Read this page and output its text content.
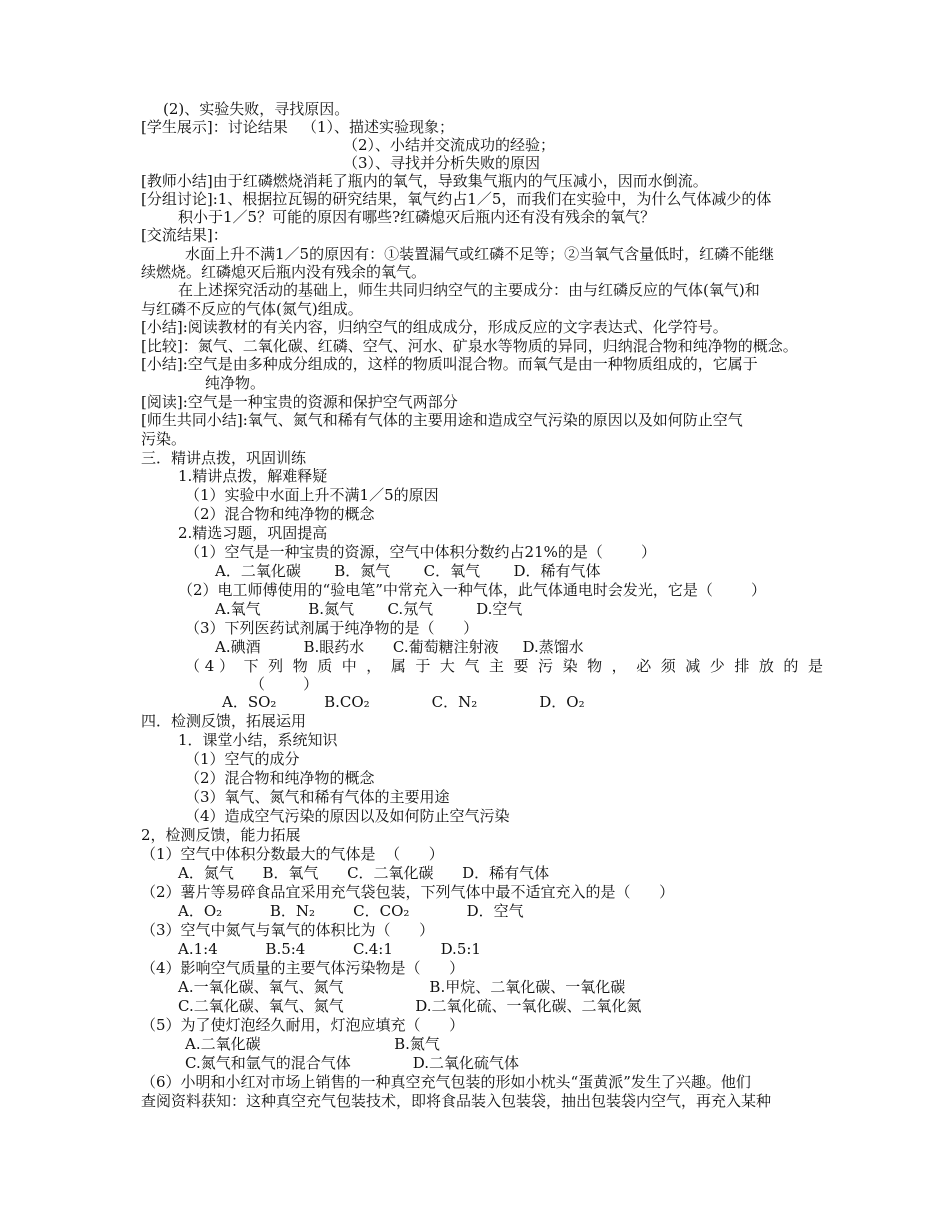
(2)、实验失败，寻找原因。
[学生展示]：讨论结果   （1）、描述实验现象；
（2）、小结并交流成功的经验；
（3）、寻找并分析失败的原因
[教师小结]由于红磷燃烧消耗了瓶内的氧气，导致集气瓶内的气压减小，因而水倒流。
[分组讨论]:1、根据拉瓦锡的研究结果，氧气约占1／5，而我们在实验中，为什么气体减少的体
积小于1／5？可能的原因有哪些?红磷熄灭后瓶内还有没有残余的氧气？
[交流结果]：
水面上升不满1／5的原因有：①装置漏气或红磷不足等；②当氧气含量低时，红磷不能继
续燃烧。红磷熄灭后瓶内没有残余的氧气。
在上述探究活动的基础上，师生共同归纳空气的主要成分：由与红磷反应的气体(氧气)和
与红磷不反应的气体(氮气)组成。
[小结]:阅读教材的有关内容，归纳空气的组成成分，形成反应的文字表达式、化学符号。
[比较]：氮气、二氧化碳、红磷、空气、河水、矿泉水等物质的异同，归纳混合物和纯净物的概念。
[小结]:空气是由多种成分组成的，这样的物质叫混合物。而氧气是由一种物质组成的，它属于
纯净物。
[阅读]:空气是一种宝贵的资源和保护空气两部分
[师生共同小结]:氧气、氮气和稀有气体的主要用途和造成空气污染的原因以及如何防止空气
污染。
三．精讲点拨，巩固训练
1.精讲点拨，解难释疑
（1）实验中水面上升不满1／5的原因
（2）混合物和纯净物的概念
2.精选习题，巩固提高
（1）空气是一种宝贵的资源，空气中体积分数约占21%的是（        ）
A．二氧化碳       B．氮气       C．氧气       D．稀有气体
（2）电工师傅使用的“验电笔”中常充入一种气体，此气体通电时会发光，它是（        ）
A.氧气          B.氮气       C.氖气         D.空气
（3）下列医药试剂属于纯净物的是（      ）
A.碘酒         B.眼药水      C.葡萄糖注射液     D.蒸馏水
（ 4 ）  下  列  物  质  中  ，  属  于  大  气  主  要  污  染  物  ，  必  须  减  少  排  放  的  是
（        ）
A．SO₂          B.CO₂             C．N₂             D．O₂
四．检测反馈，拓展运用
1．课堂小结，系统知识
（1）空气的成分
（2）混合物和纯净物的概念
（3）氧气、氮气和稀有气体的主要用途
（4）造成空气污染的原因以及如何防止空气污染
2，检测反馈，能力拓展
（1）空气中体积分数最大的气体是  （      ）
A．氮气      B．氧气      C．二氧化碳      D．稀有气体
（2）薯片等易碎食品宜采用充气袋包装，下列气体中最不适宜充入的是（      ）
A．O₂          B．N₂        C．CO₂            D．空气
（3）空气中氮气与氧气的体积比为（      ）
A.1:4          B.5:4          C.4:1          D.5:1
（4）影响空气质量的主要气体污染物是（      ）
A.一氧化碳、氧气、氮气                  B.甲烷、二氧化碳、一氧化碳
C.二氧化碳、氧气、氮气               D.二氧化硫、一氧化碳、二氧化氮
（5）为了使灯泡经久耐用，灯泡应填充（      ）
A.二氧化碳                            B.氮气
C.氮气和氩气的混合气体             D.二氧化硫气体
（6）小明和小红对市场上销售的一种真空充气包装的形如小枕头“蛋黄派”发生了兴趣。他们
查阅资料获知：这种真空充气包装技术，即将食品装入包装袋，抽出包装袋内空气，再充入某种
